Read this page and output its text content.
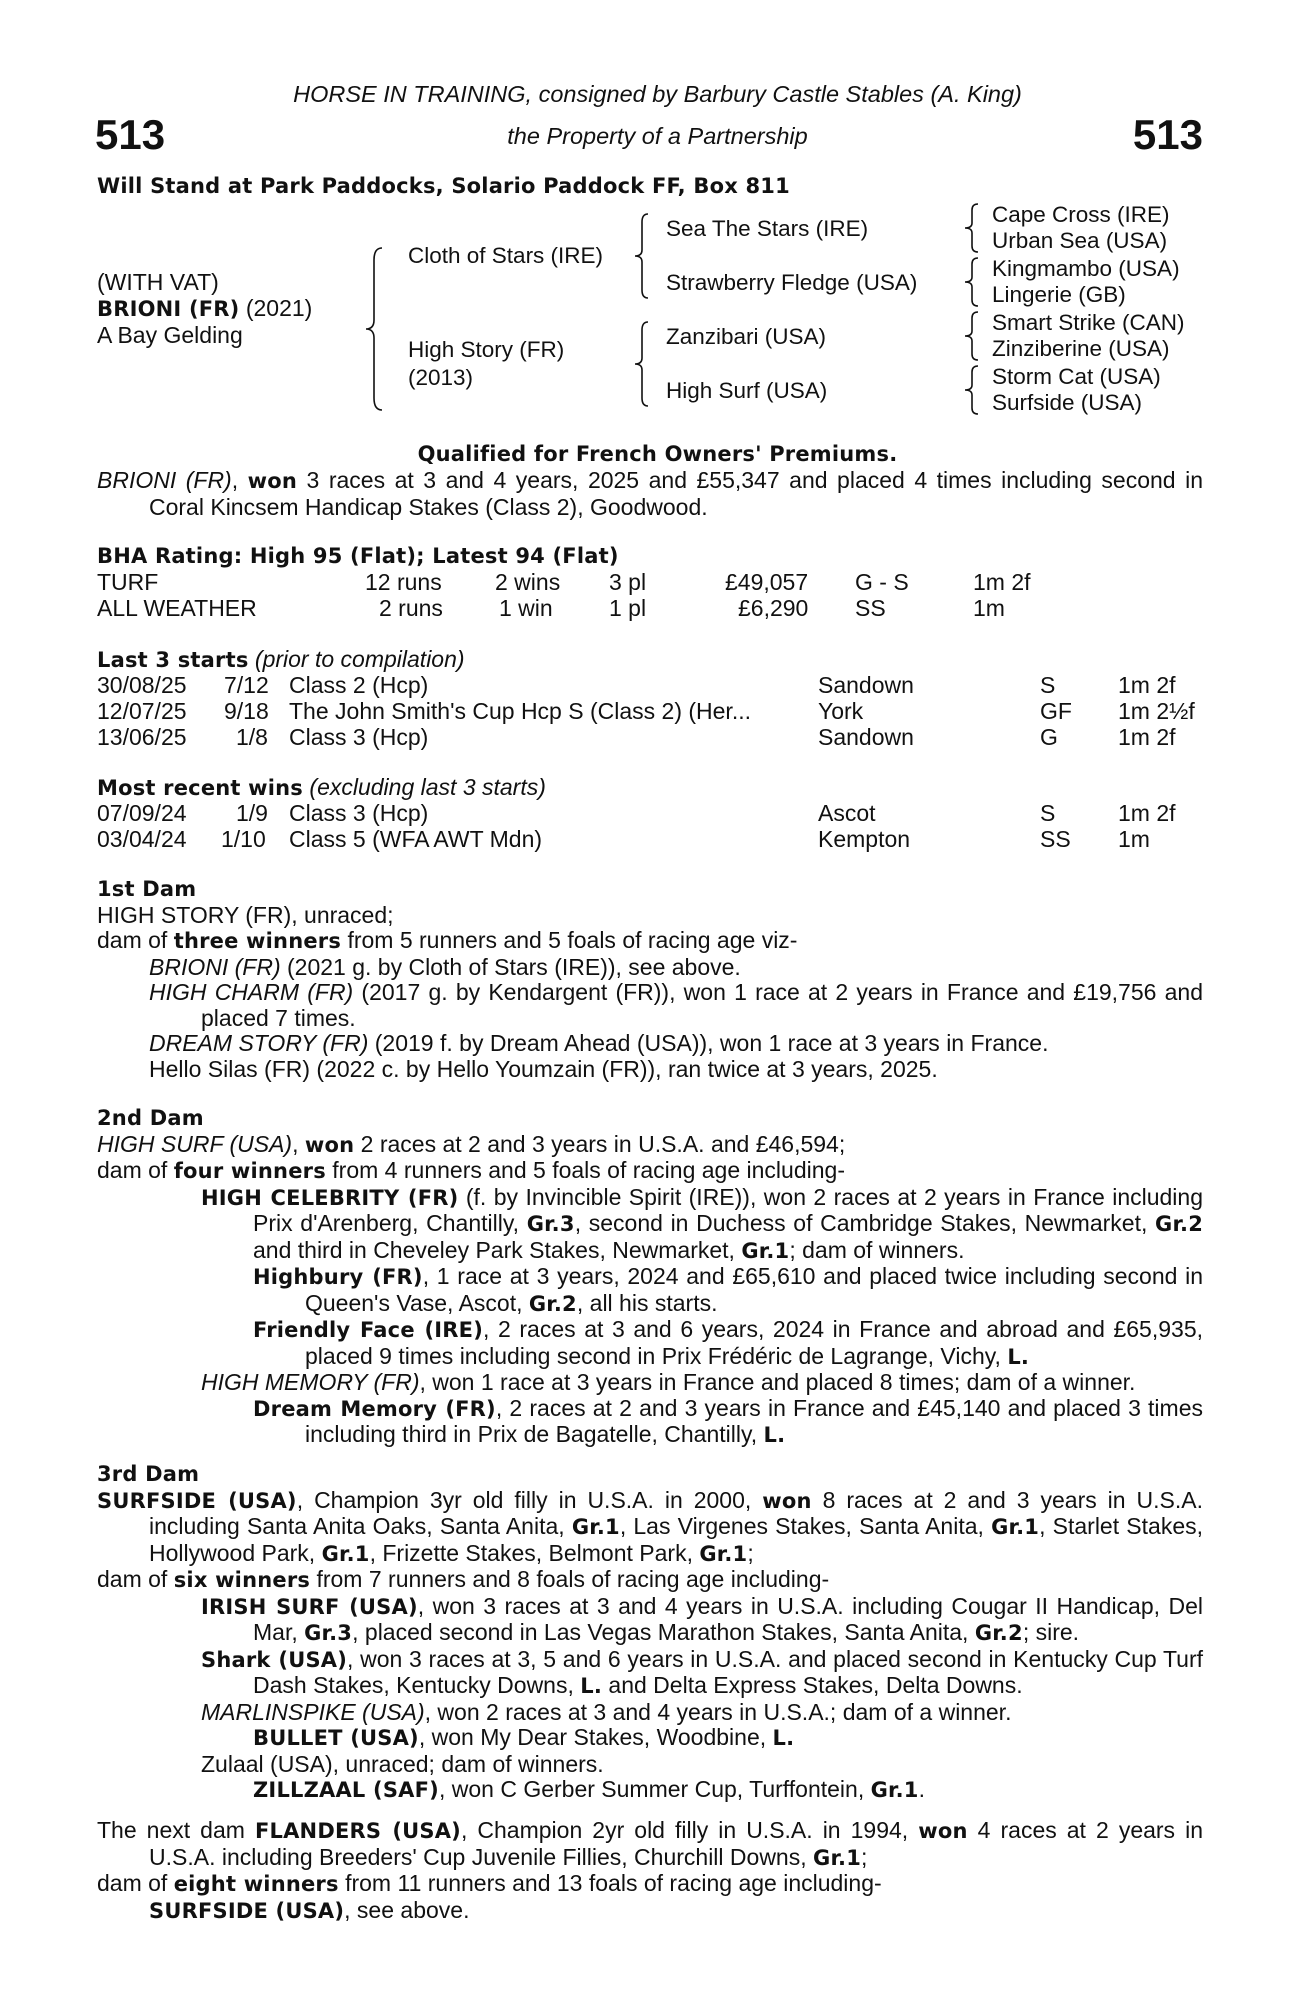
HORSE IN TRAINING, consigned by Barbury Castle Stables (A. King)
513	the Property of a Partnership	513
Will Stand at Park Paddocks, Solario Paddock FF, Box 811
(WITH VAT)
BRIONI (FR) (2021)
A Bay Gelding
Cloth of Stars (IRE)
High Story (FR)
(2013)
Sea The Stars (IRE)
Strawberry Fledge (USA)
Zanzibari (USA)
High Surf (USA)
Cape Cross (IRE)
Urban Sea (USA)
Kingmambo (USA)
Lingerie (GB)
Smart Strike (CAN)
Zinziberine (USA)
Storm Cat (USA)
Surfside (USA)
Qualified for French Owners' Premiums.

BRIONI (FR), won 3 races at 3 and 4 years, 2025 and £55,347 and placed 4 times including second in Coral Kincsem Handicap Stakes (Class 2), Goodwood.

BHA Rating: High 95 (Flat); Latest 94 (Flat)
TURF	12 runs 2 wins 3 pl	£49,057 G - S	1m 2f
ALL WEATHER	2 runs 1 win 1 pl	£6,290 SS	1m
Last 3 starts (prior to compilation)
30/08/25 7/12 Class 2 (Hcp)	Sandown	S	1m 2f
12/07/25 9/18 The John Smith's Cup Hcp S (Class 2) (Her...	York	GF 1m 2½f
13/06/25 1/8 Class 3 (Hcp)	Sandown	G	1m 2f
Most recent wins (excluding last 3 starts)
07/09/24 1/9 Class 3 (Hcp)	Ascot	S	1m 2f
03/04/24 1/10 Class 5 (WFA AWT Mdn)	Kempton	SS 1m

1st Dam

HIGH STORY (FR), unraced;

dam of three winners from 5 runners and 5 foals of racing age viz-

BRIONI (FR) (2021 g. by Cloth of Stars (IRE)), see above.

HIGH CHARM (FR) (2017 g. by Kendargent (FR)), won 1 race at 2 years in France and £19,756 and placed 7 times.

DREAM STORY (FR) (2019 f. by Dream Ahead (USA)), won 1 race at 3 years in France.

Hello Silas (FR) (2022 c. by Hello Youmzain (FR)), ran twice at 3 years, 2025.

2nd Dam

HIGH SURF (USA), won 2 races at 2 and 3 years in U.S.A. and £46,594;

dam of four winners from 4 runners and 5 foals of racing age including-

HIGH CELEBRITY (FR) (f. by Invincible Spirit (IRE)), won 2 races at 2 years in France including Prix d'Arenberg, Chantilly, Gr.3, second in Duchess of Cambridge Stakes, Newmarket, Gr.2 and third in Cheveley Park Stakes, Newmarket, Gr.1; dam of winners.

Highbury (FR), 1 race at 3 years, 2024 and £65,610 and placed twice including second in Queen's Vase, Ascot, Gr.2, all his starts.

Friendly Face (IRE), 2 races at 3 and 6 years, 2024 in France and abroad and £65,935, placed 9 times including second in Prix Frédéric de Lagrange, Vichy, L.

HIGH MEMORY (FR), won 1 race at 3 years in France and placed 8 times; dam of a winner.

Dream Memory (FR), 2 races at 2 and 3 years in France and £45,140 and placed 3 times including third in Prix de Bagatelle, Chantilly, L.

3rd Dam

SURFSIDE (USA), Champion 3yr old filly in U.S.A. in 2000, won 8 races at 2 and 3 years in U.S.A. including Santa Anita Oaks, Santa Anita, Gr.1, Las Virgenes Stakes, Santa Anita, Gr.1, Starlet Stakes, Hollywood Park, Gr.1, Frizette Stakes, Belmont Park, Gr.1;

dam of six winners from 7 runners and 8 foals of racing age including-

IRISH SURF (USA), won 3 races at 3 and 4 years in U.S.A. including Cougar II Handicap, Del Mar, Gr.3, placed second in Las Vegas Marathon Stakes, Santa Anita, Gr.2; sire.

Shark (USA), won 3 races at 3, 5 and 6 years in U.S.A. and placed second in Kentucky Cup Turf Dash Stakes, Kentucky Downs, L. and Delta Express Stakes, Delta Downs.

MARLINSPIKE (USA), won 2 races at 3 and 4 years in U.S.A.; dam of a winner.

BULLET (USA), won My Dear Stakes, Woodbine, L.

Zulaal (USA), unraced; dam of winners.

ZILLZAAL (SAF), won C Gerber Summer Cup, Turffontein, Gr.1.

The next dam FLANDERS (USA), Champion 2yr old filly in U.S.A. in 1994, won 4 races at 2 years in U.S.A. including Breeders' Cup Juvenile Fillies, Churchill Downs, Gr.1;

dam of eight winners from 11 runners and 13 foals of racing age including-

SURFSIDE (USA), see above.
